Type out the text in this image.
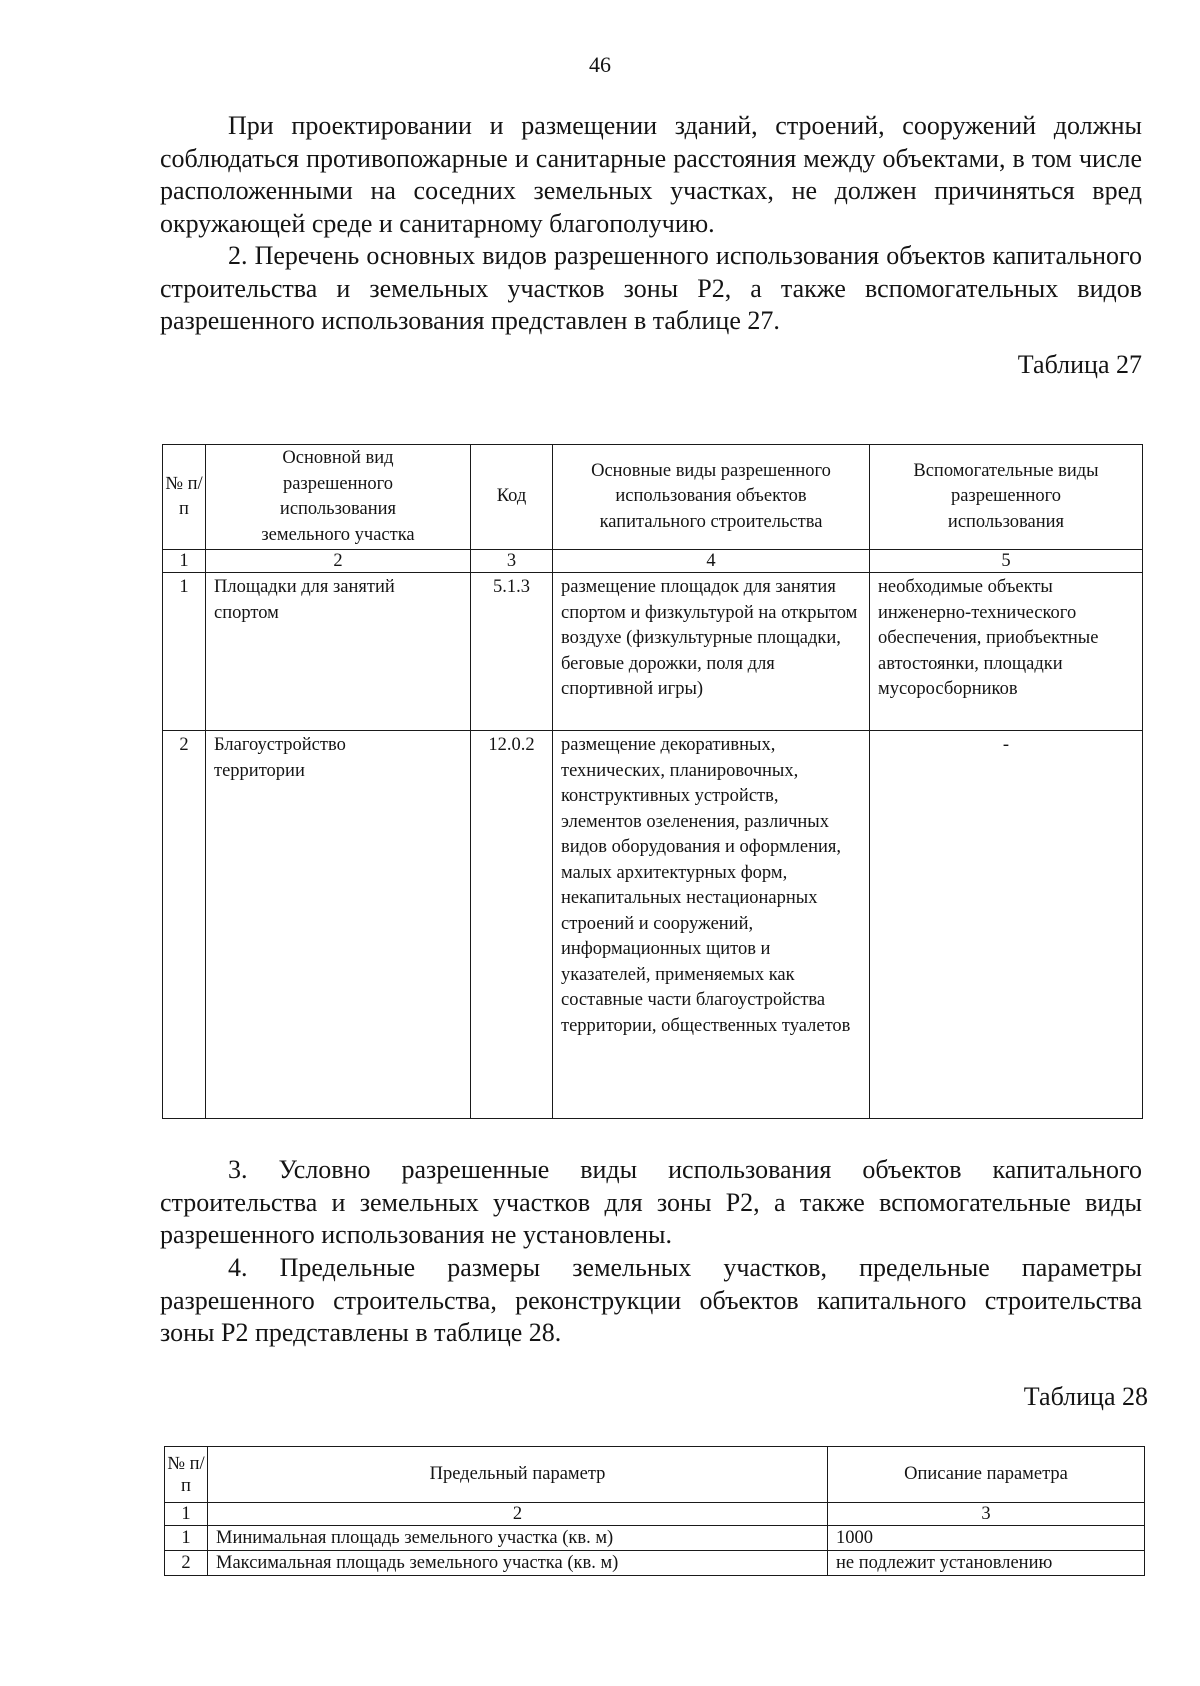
46

При проектировании и размещении зданий, строений, сооружений должны соблюдаться противопожарные и санитарные расстояния между объектами, в том числе расположенными на соседних земельных участках, не должен причиняться вред окружающей среде и санитарному благополучию.

2. Перечень основных видов разрешенного использования объектов капитального строительства и земельных участков зоны Р2, а также вспомогательных видов разрешенного использования представлен в таблице 27.

Таблица 27
№ п/п	Основной вид разрешенного использования земельного участка	Код	Основные виды разрешенного использования объектов капитального строительства	Вспомогательные виды разрешенного использования
1	2	3	4	5
1	Площадки для занятий спортом	5.1.3	размещение площадок для занятия спортом и физкультурой на открытом воздухе (физкультурные площадки, беговые дорожки, поля для спортивной игры)	необходимые объекты инженерно-технического обеспечения, приобъектные автостоянки, площадки мусоросборников
2	Благоустройство территории	12.0.2	размещение декоративных, технических, планировочных, конструктивных устройств, элементов озеленения, различных видов оборудования и оформления, малых архитектурных форм, некапитальных нестационарных строений и сооружений, информационных щитов и указателей, применяемых как составные части благоустройства территории, общественных туалетов	-

3. Условно разрешенные виды использования объектов капитального строительства и земельных участков для зоны Р2, а также вспомогательные виды разрешенного использования не установлены.

4. Предельные размеры земельных участков, предельные параметры разрешенного строительства, реконструкции объектов капитального строительства зоны Р2 представлены в таблице 28.

Таблица 28
№ п/п	Предельный параметр	Описание параметра
1	2	3
1	Минимальная площадь земельного участка (кв. м)	1000
2	Максимальная площадь земельного участка (кв. м)	не подлежит установлению
